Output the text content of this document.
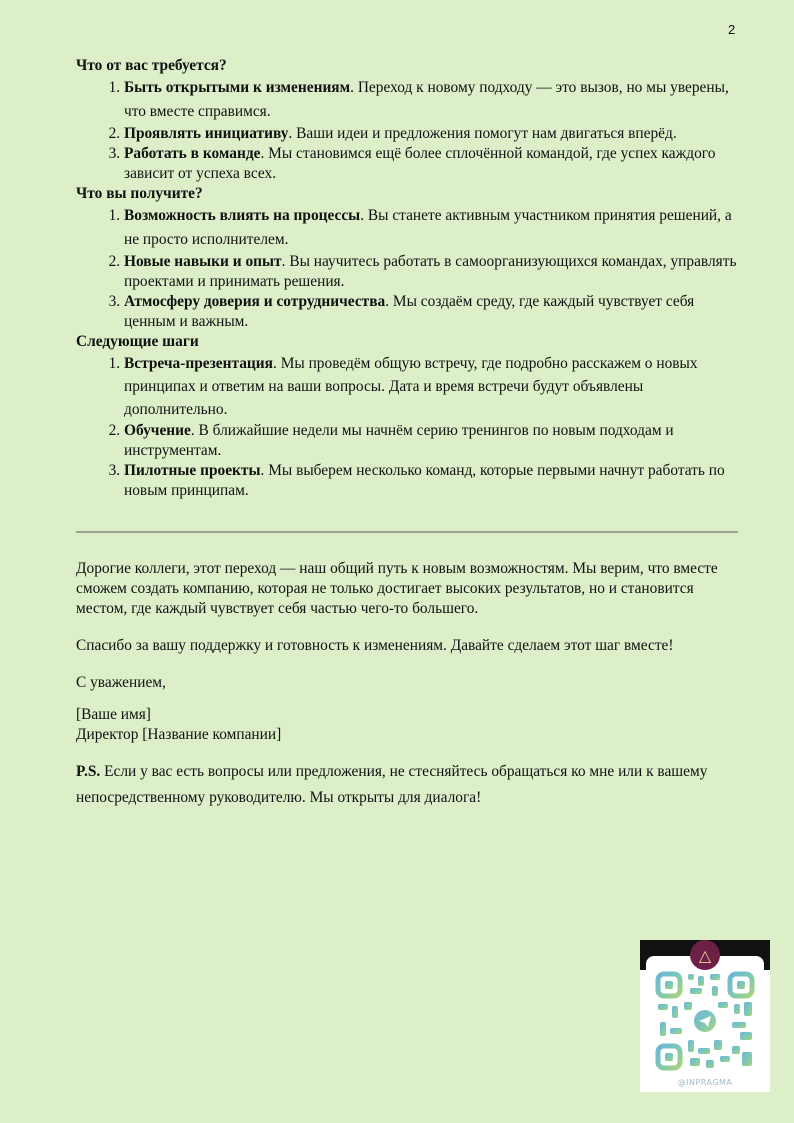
2
Что от вас требуется?
1. Быть открытыми к изменениям. Переход к новому подходу — это вызов, но мы уверены, что вместе справимся.
2. Проявлять инициативу. Ваши идеи и предложения помогут нам двигаться вперёд.
3. Работать в команде. Мы становимся ещё более сплочённой командой, где успех каждого зависит от успеха всех.
Что вы получите?
1. Возможность влиять на процессы. Вы станете активным участником принятия решений, а не просто исполнителем.
2. Новые навыки и опыт. Вы научитесь работать в самоорганизующихся командах, управлять проектами и принимать решения.
3. Атмосферу доверия и сотрудничества. Мы создаём среду, где каждый чувствует себя ценным и важным.
Следующие шаги
1. Встреча-презентация. Мы проведём общую встречу, где подробно расскажем о новых принципах и ответим на ваши вопросы. Дата и время встречи будут объявлены дополнительно.
2. Обучение. В ближайшие недели мы начнём серию тренингов по новым подходам и инструментам.
3. Пилотные проекты. Мы выберем несколько команд, которые первыми начнут работать по новым принципам.

Дорогие коллеги, этот переход — наш общий путь к новым возможностям. Мы верим, что вместе сможем создать компанию, которая не только достигает высоких результатов, но и становится местом, где каждый чувствует себя частью чего-то большего.

Спасибо за вашу поддержку и готовность к изменениям. Давайте сделаем этот шаг вместе!

С уважением,

[Ваше имя]

Директор [Название компании]

P.S. Если у вас есть вопросы или предложения, не стесняйтесь обращаться ко мне или к вашему непосредственному руководителю. Мы открыты для диалога!

△
@INPRAGMA
